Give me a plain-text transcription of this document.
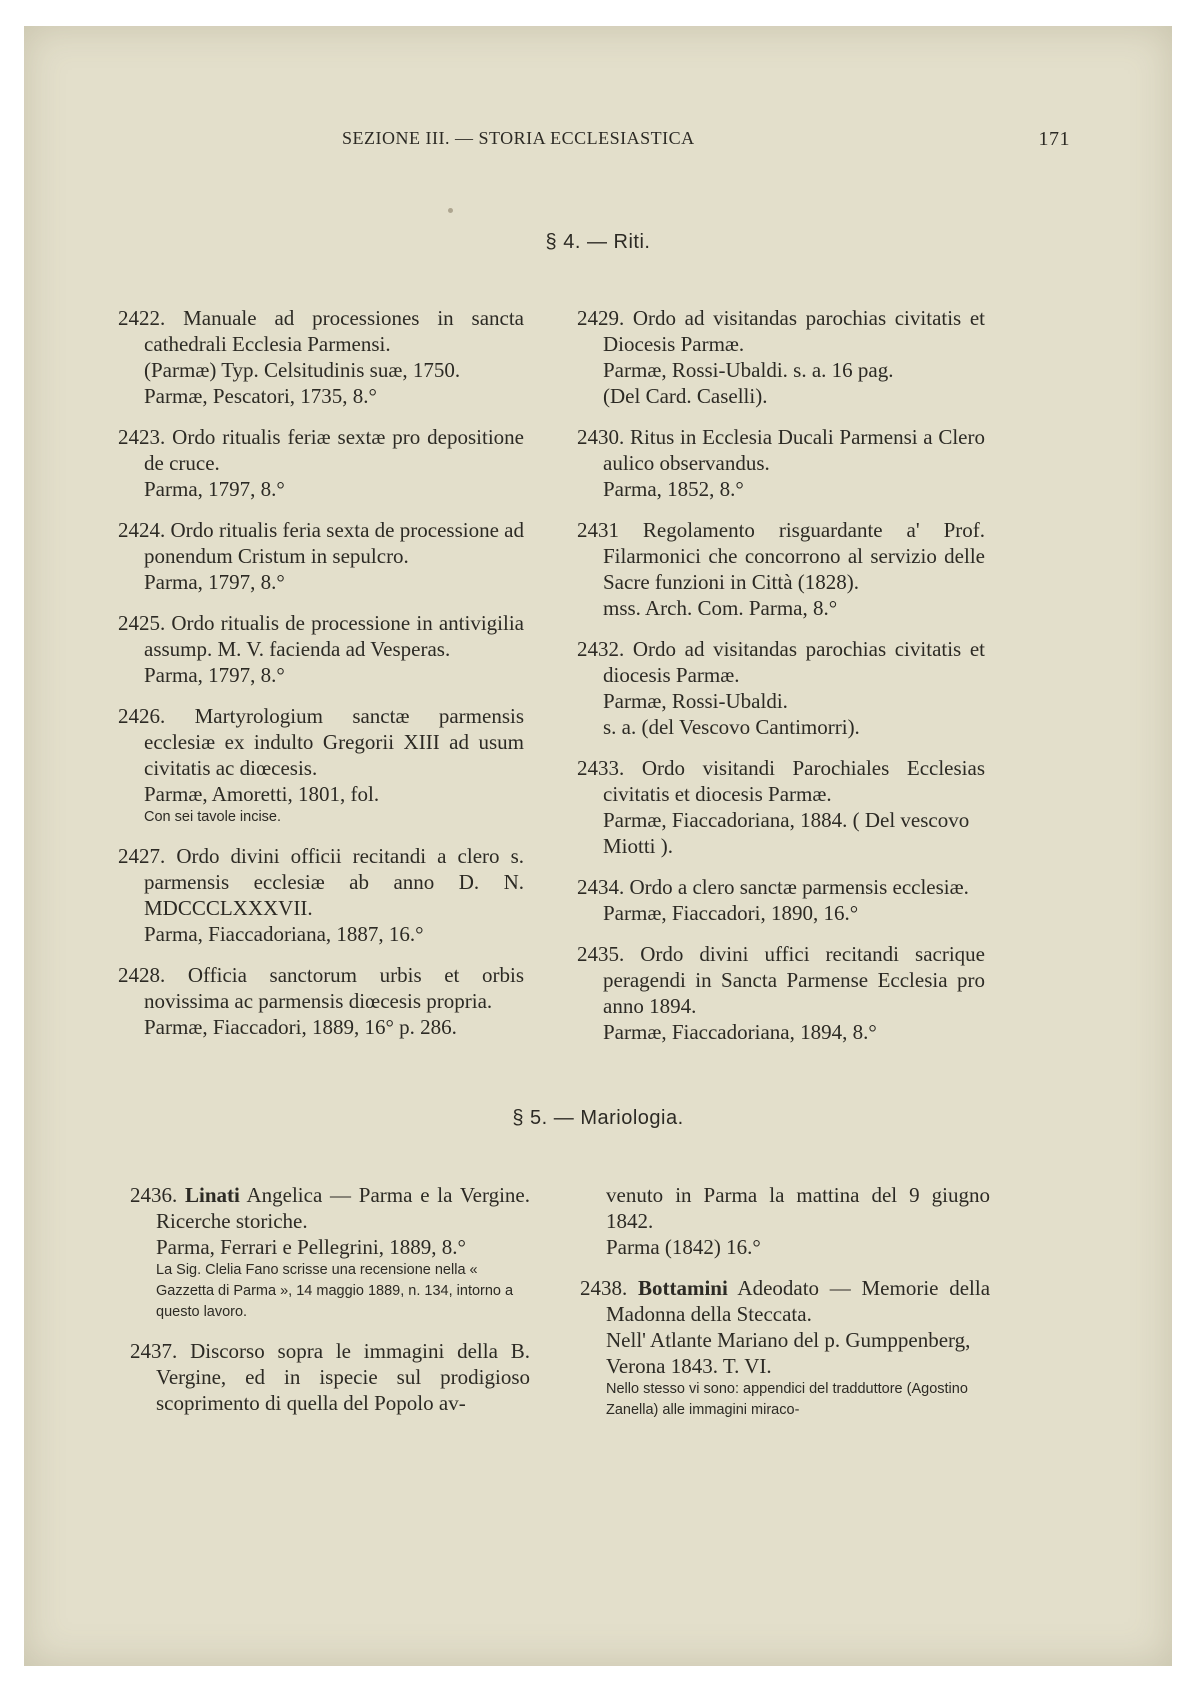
SEZIONE III. — STORIA ECCLESIASTICA	171
§ 4. — Riti.
2422. Manuale ad processiones in sancta cathedrali Ecclesia Parmensi.
(Parmæ) Typ. Celsitudinis suæ, 1750.
Parmæ, Pescatori, 1735, 8.°
2423. Ordo ritualis feriæ sextæ pro depositione de cruce.
Parma, 1797, 8.°
2424. Ordo ritualis feria sexta de processione ad ponendum Cristum in sepulcro.
Parma, 1797, 8.°
2425. Ordo ritualis de processione in antivigilia assump. M. V. facienda ad Vesperas.
Parma, 1797, 8.°
2426. Martyrologium sanctæ parmensis ecclesiæ ex indulto Gregorii XIII ad usum civitatis ac diœcesis.
Parmæ, Amoretti, 1801, fol.
Con sei tavole incise.
2427. Ordo divini officii recitandi a clero s. parmensis ecclesiæ ab anno D. N. MDCCCLXXXVII.
Parma, Fiaccadoriana, 1887, 16.°
2428. Officia sanctorum urbis et orbis novissima ac parmensis diœcesis propria.
Parmæ, Fiaccadori, 1889, 16° p. 286.
2429. Ordo ad visitandas parochias civitatis et Diocesis Parmæ.
Parmæ, Rossi-Ubaldi. s. a. 16 pag.
(Del Card. Caselli).
2430. Ritus in Ecclesia Ducali Parmensi a Clero aulico observandus.
Parma, 1852, 8.°
2431 Regolamento risguardante a' Prof. Filarmonici che concorrono al servizio delle Sacre funzioni in Città (1828).
mss. Arch. Com. Parma, 8.°
2432. Ordo ad visitandas parochias civitatis et diocesis Parmæ.
Parmæ, Rossi-Ubaldi.
s. a. (del Vescovo Cantimorri).
2433. Ordo visitandi Parochiales Ecclesias civitatis et diocesis Parmæ.
Parmæ, Fiaccadoriana, 1884. ( Del vescovo Miotti ).
2434. Ordo a clero sanctæ parmensis ecclesiæ.
Parmæ, Fiaccadori, 1890, 16.°
2435. Ordo divini uffici recitandi sacrique peragendi in Sancta Parmense Ecclesia pro anno 1894.
Parmæ, Fiaccadoriana, 1894, 8.°
§ 5. — Mariologia.
2436. Linati Angelica — Parma e la Vergine. Ricerche storiche.
Parma, Ferrari e Pellegrini, 1889, 8.°
La Sig. Clelia Fano scrisse una recensione nella « Gazzetta di Parma », 14 maggio 1889, n. 134, intorno a questo lavoro.
2437. Discorso sopra le immagini della B. Vergine, ed in ispecie sul prodigioso scoprimento di quella del Popolo av-
venuto in Parma la mattina del 9 giugno 1842.
Parma (1842) 16.°
2438. Bottamini Adeodato — Memorie della Madonna della Steccata.
Nell' Atlante Mariano del p. Gumppenberg, Verona 1843. T. VI.
Nello stesso vi sono: appendici del tradduttore (Agostino Zanella) alle immagini miraco-
